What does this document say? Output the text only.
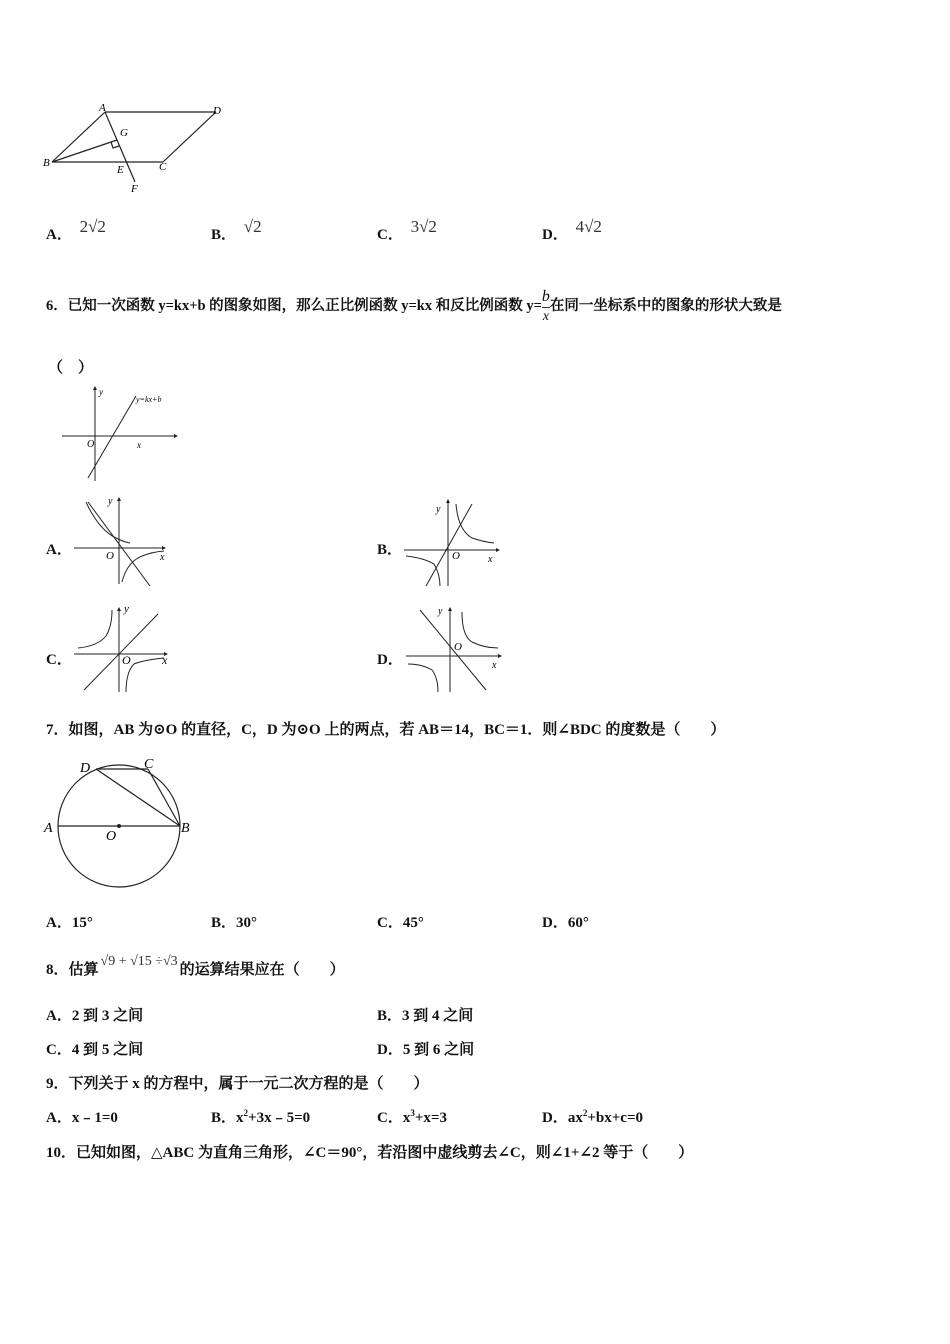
A	D
G
B
E	C
F
A． 2√2	B． √2	C． 3√2	D． 4√2
6．已知一次函数 y=kx+b 的图象如图，那么正比例函数 y=kx 和反比例函数 $y= \frac{b}{x}$ 在同一坐标系中的图象的形状大致是
（　）
y=kx+b
O	x
y
A．	O	x
y
B．	O	x
y
C．	O	x
y
D．
O
x
y
7．如图，AB 为⊙O 的直径，C，D 为⊙O 上的两点，若 AB＝14，BC＝1．则∠BDC 的度数是（　　）
D	C
A
O
B
A．15°	B．30°	C．45°	D．60°
8．估算√9 + √15 ÷√3的运算结果应在（　　）
A．2 到 3 之间	B．3 到 4 之间
C．4 到 5 之间	D．5 到 6 之间
9．下列关于 x 的方程中，属于一元二次方程的是（　　）
A．x﹣1=0	B．$x^2+3x﹣5=0$	C．$x^3+x=3$	D．$ax^2+bx+c=0$
10．已知如图，△ABC 为直角三角形，∠C＝90°，若沿图中虚线剪去∠C，则∠1+∠2 等于（　　）
